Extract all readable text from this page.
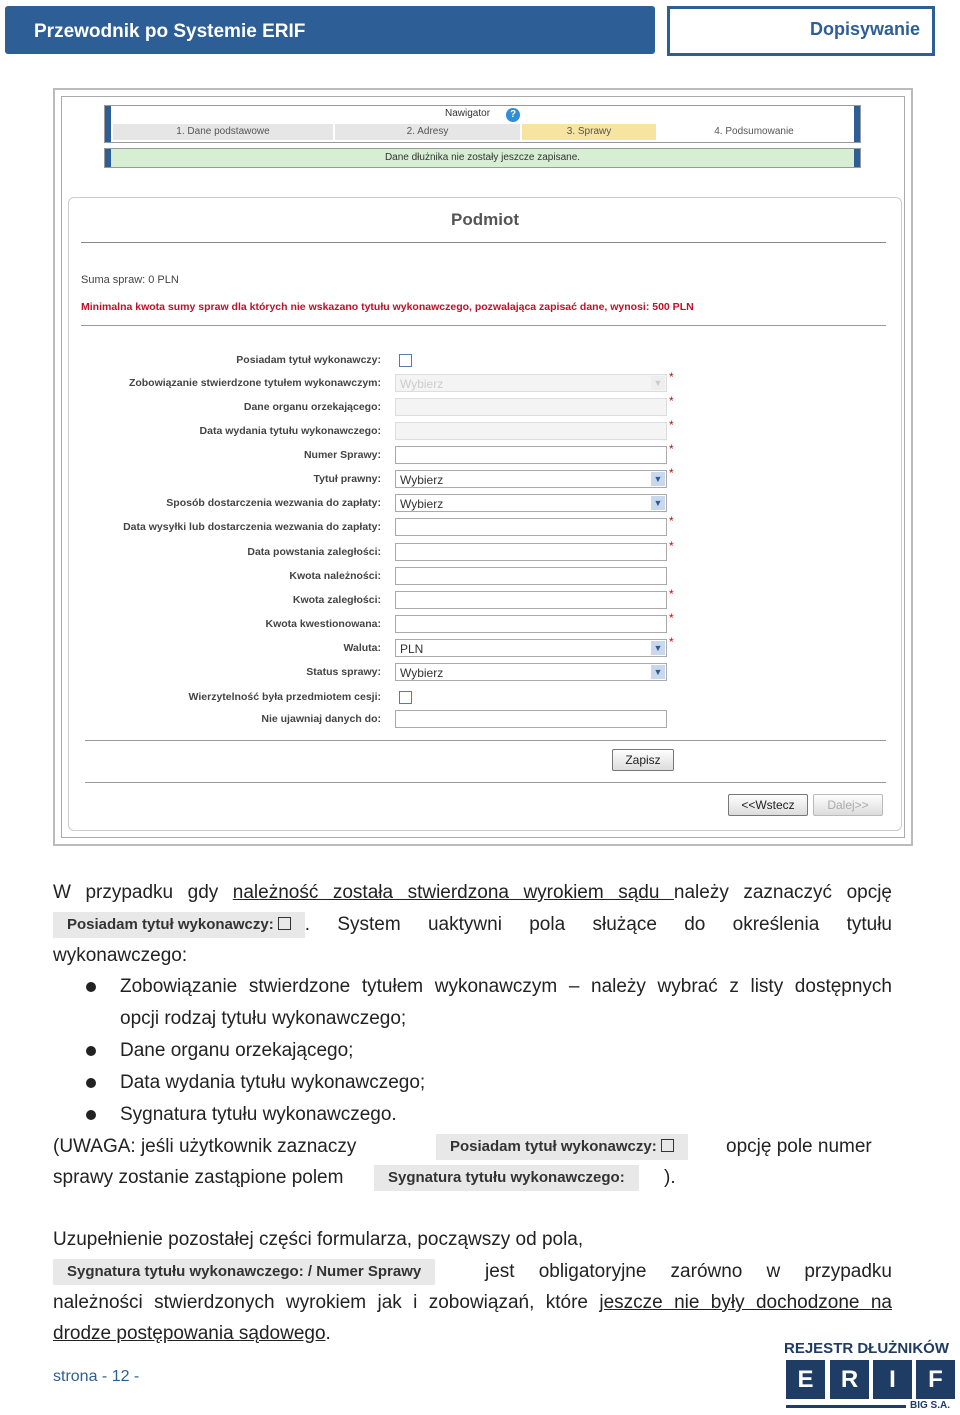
Przewodnik po Systemie ERIF	Dopisywanie
Nawigator	?
1. Dane podstawowe	2. Adresy	3. Sprawy	4. Podsumowanie
Dane dłużnika nie zostały jeszcze zapisane.
Podmiot
Suma spraw: 0 PLN
Minimalna kwota sumy spraw dla których nie wskazano tytułu wykonawczego, pozwalająca zapisać dane, wynosi: 500 PLN
Posiadam tytuł wykonawczy:
Zobowiązanie stwierdzone tytułem wykonawczym:	Wybierz	▼ *
Dane organu orzekającego:	*
Data wydania tytułu wykonawczego:	*
Numer Sprawy:	*
Tytuł prawny:	Wybierz	▼ *
Sposób dostarczenia wezwania do zapłaty:	Wybierz	▼
Data wysyłki lub dostarczenia wezwania do zapłaty:	*
Data powstania zaległości:	*
Kwota należności:
Kwota zaległości:	*
Kwota kwestionowana:	*
Waluta:	PLN	▼ *
Status sprawy:	Wybierz	▼
Wierzytelność była przedmiotem cesji:
Nie ujawniaj danych do:
Zapisz
<<Wstecz	Dalej>>
W przypadku gdy należność została stwierdzona wyrokiem sądu należy zaznaczyć opcję
Posiadam tytuł wykonawczy: . System uaktywni pola służące do określenia tytułu
wykonawczego:
Zobowiązanie stwierdzone tytułem wykonawczym – należy wybrać z listy dostępnych
opcji rodzaj tytułu wykonawczego;
Dane organu orzekającego;
Data wydania tytułu wykonawczego;
Sygnatura tytułu wykonawczego.
(UWAGA: jeśli użytkownik zaznaczy	Posiadam tytuł wykonawczy:	opcję pole numer
sprawy zostanie zastąpione polem	Sygnatura tytułu wykonawczego:	).
Uzupełnienie pozostałej części formularza, począwszy od pola,
Sygnatura tytułu wykonawczego: / Numer Sprawy	jest obligatoryjne zarówno w przypadku
należności stwierdzonych wyrokiem jak i zobowiązań, które jeszcze nie były dochodzone na
drodze postępowania sądowego.
strona - 12 -
REJESTR DŁUŻNIKÓW
E	R	I	F
BIG S.A.
